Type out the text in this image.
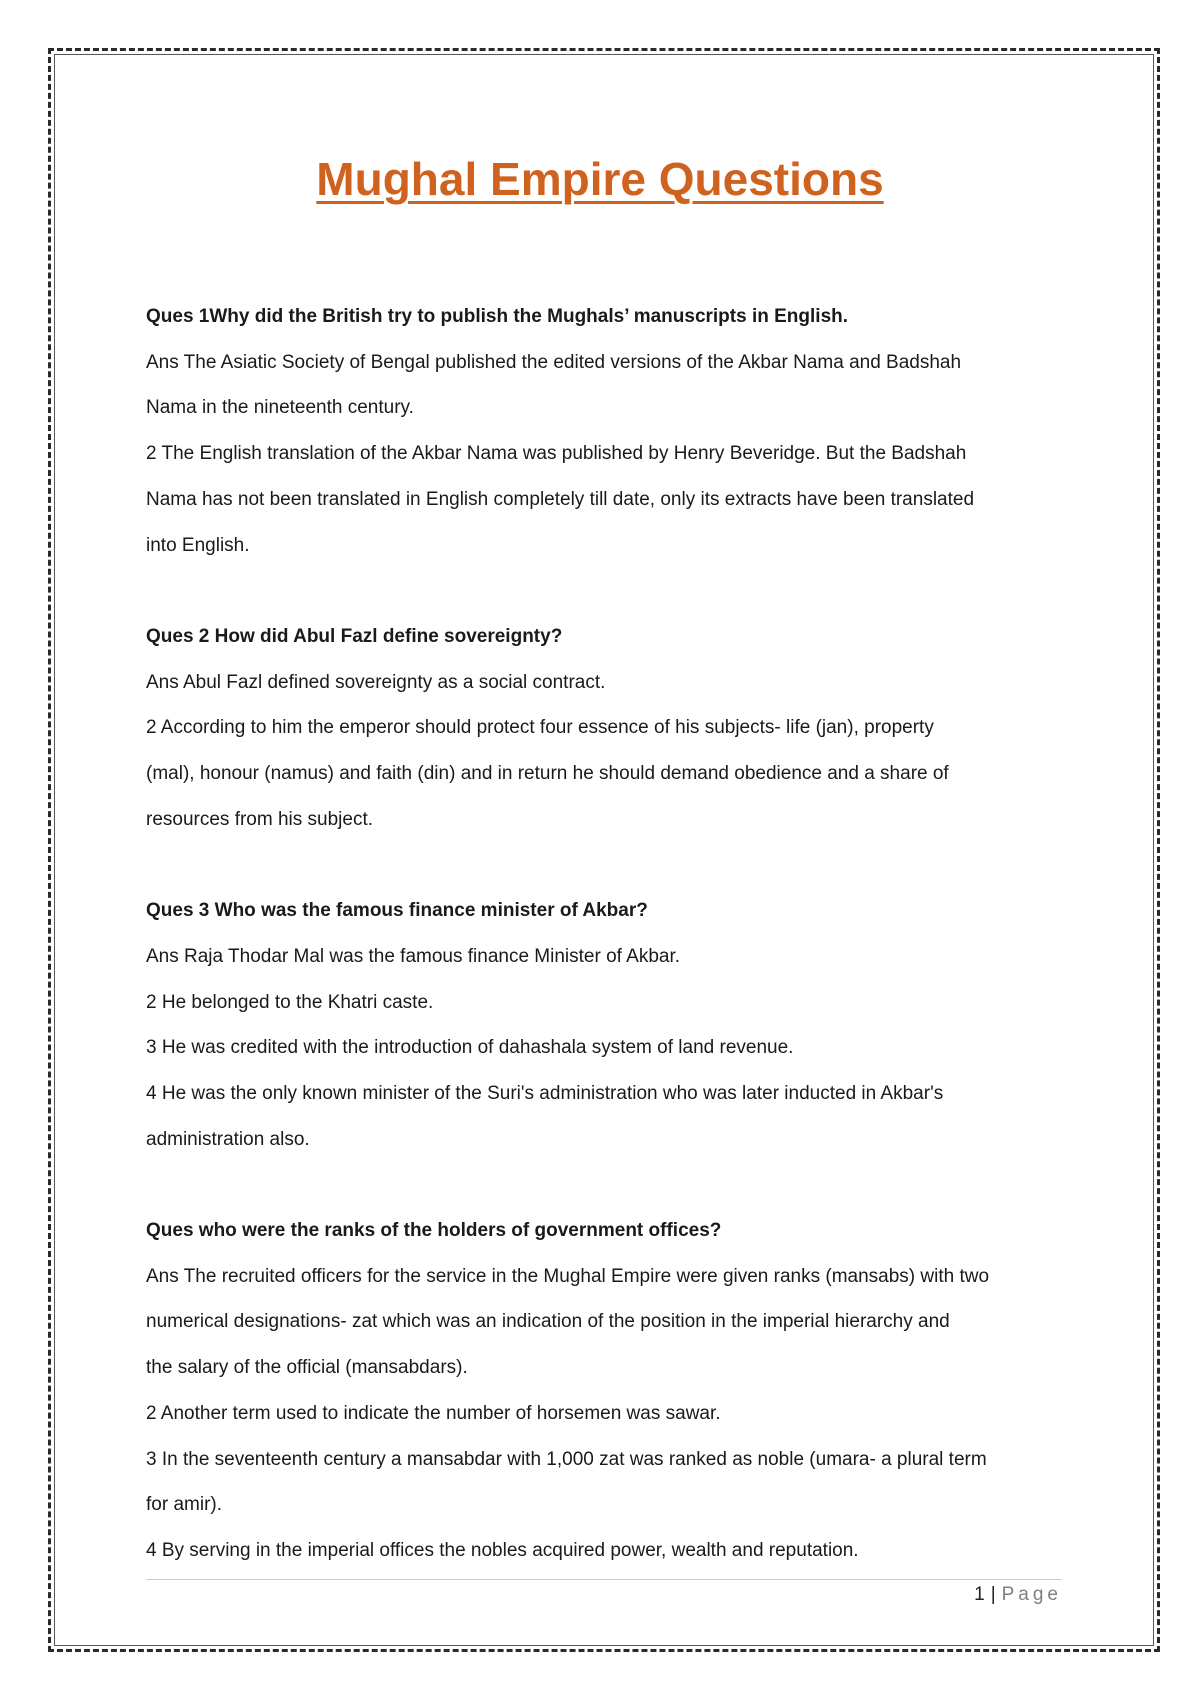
Mughal Empire Questions

Ques 1Why did the British try to publish the Mughals’ manuscripts in English.

Ans The Asiatic Society of Bengal published the edited versions of the Akbar Nama and Badshah

Nama in the nineteenth century.

2 The English translation of the Akbar Nama was published by Henry Beveridge. But the Badshah

Nama has not been translated in English completely till date, only its extracts have been translated

into English.

Ques 2 How did Abul Fazl define sovereignty?

Ans Abul Fazl defined sovereignty as a social contract.

2 According to him the emperor should protect four essence of his subjects- life (jan), property

(mal), honour (namus) and faith (din) and in return he should demand obedience and a share of

resources from his subject.

Ques 3 Who was the famous finance minister of Akbar?

Ans Raja Thodar Mal was the famous finance Minister of Akbar.

2 He belonged to the Khatri caste.

3 He was credited with the introduction of dahashala system of land revenue.

4 He was the only known minister of the Suri's administration who was later inducted in Akbar's

administration also.

Ques who were the ranks of the holders of government offices?

Ans The recruited officers for the service in the Mughal Empire were given ranks (mansabs) with two

numerical designations- zat which was an indication of the position in the imperial hierarchy and

the salary of the official (mansabdars).

2 Another term used to indicate the number of horsemen was sawar.

3 In the seventeenth century a mansabdar with 1,000 zat was ranked as noble (umara- a plural term

for amir).

4 By serving in the imperial offices the nobles acquired power, wealth and reputation.

1 | Page
